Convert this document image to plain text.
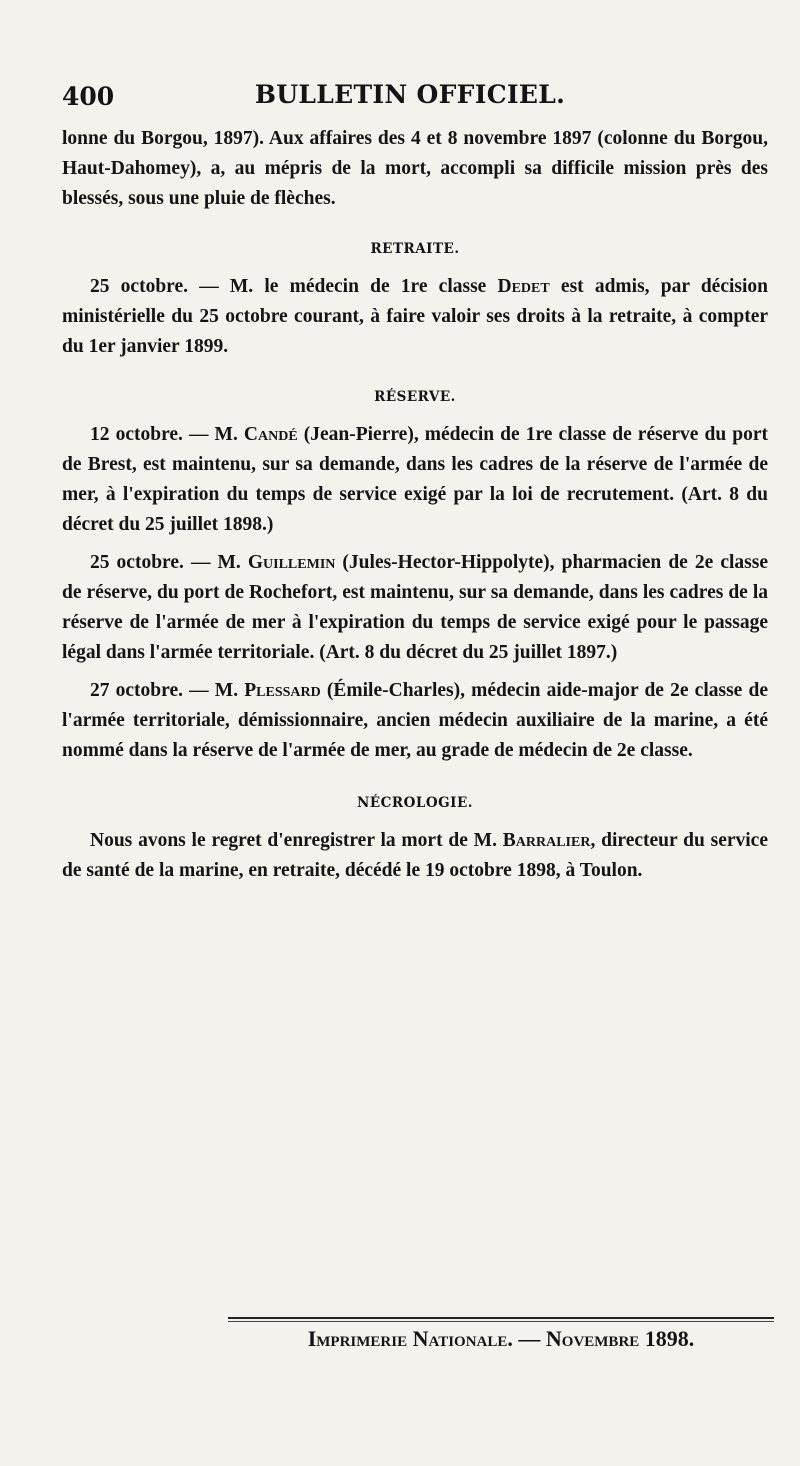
400	BULLETIN OFFICIEL.

lonne du Borgou, 1897). Aux affaires des 4 et 8 novembre 1897 (colonne du Borgou, Haut-Dahomey), a, au mépris de la mort, accompli sa difficile mission près des blessés, sous une pluie de flèches.

RETRAITE.

25 octobre. — M. le médecin de 1re classe Dedet est admis, par décision ministérielle du 25 octobre courant, à faire valoir ses droits à la retraite, à compter du 1er janvier 1899.

RÉSERVE.

12 octobre. — M. Candé (Jean-Pierre), médecin de 1re classe de réserve du port de Brest, est maintenu, sur sa demande, dans les cadres de la réserve de l'armée de mer, à l'expiration du temps de service exigé par la loi de recrutement. (Art. 8 du décret du 25 juillet 1898.)

25 octobre. — M. Guillemin (Jules-Hector-Hippolyte), pharmacien de 2e classe de réserve, du port de Rochefort, est maintenu, sur sa demande, dans les cadres de la réserve de l'armée de mer à l'expiration du temps de service exigé pour le passage légal dans l'armée territoriale. (Art. 8 du décret du 25 juillet 1897.)

27 octobre. — M. Plessard (Émile-Charles), médecin aide-major de 2e classe de l'armée territoriale, démissionnaire, ancien médecin auxiliaire de la marine, a été nommé dans la réserve de l'armée de mer, au grade de médecin de 2e classe.

NÉCROLOGIE.

Nous avons le regret d'enregistrer la mort de M. Barralier, directeur du service de santé de la marine, en retraite, décédé le 19 octobre 1898, à Toulon.

Imprimerie Nationale. — Novembre 1898.
